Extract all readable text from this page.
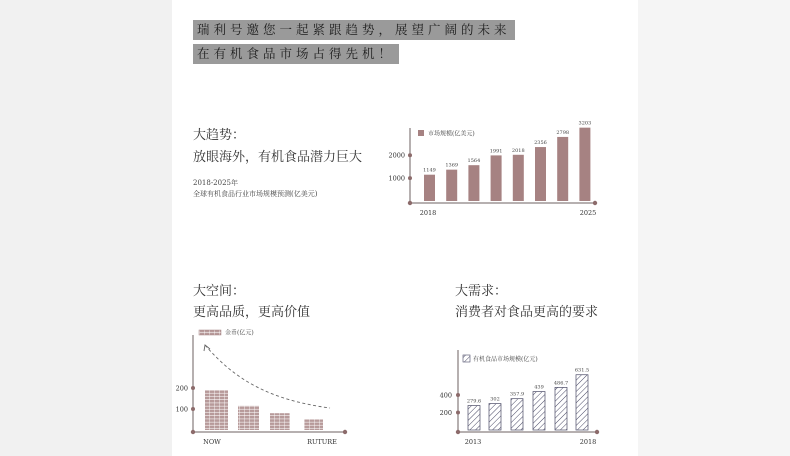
瑞利号邀您一起紧跟趋势，展望广阔的未来
在有机食品市场占得先机！
大趋势：
放眼海外，有机食品潜力巨大
2018-2025年
全球有机食品行业市场规模预测(亿美元)
大空间：
更高品质，更高价值
大需求：
消费者对食品更高的要求
市场规模(亿美元)
1149
1369
1564
1991 2018
2356
2798
3203
1000
2000
2018	2025
金币(亿元)
100
200
NOW	RUTURE
有机食品市场规模(亿元)
279.6 302
357.9
439
486.7
631.5
200
400
2013	2018
